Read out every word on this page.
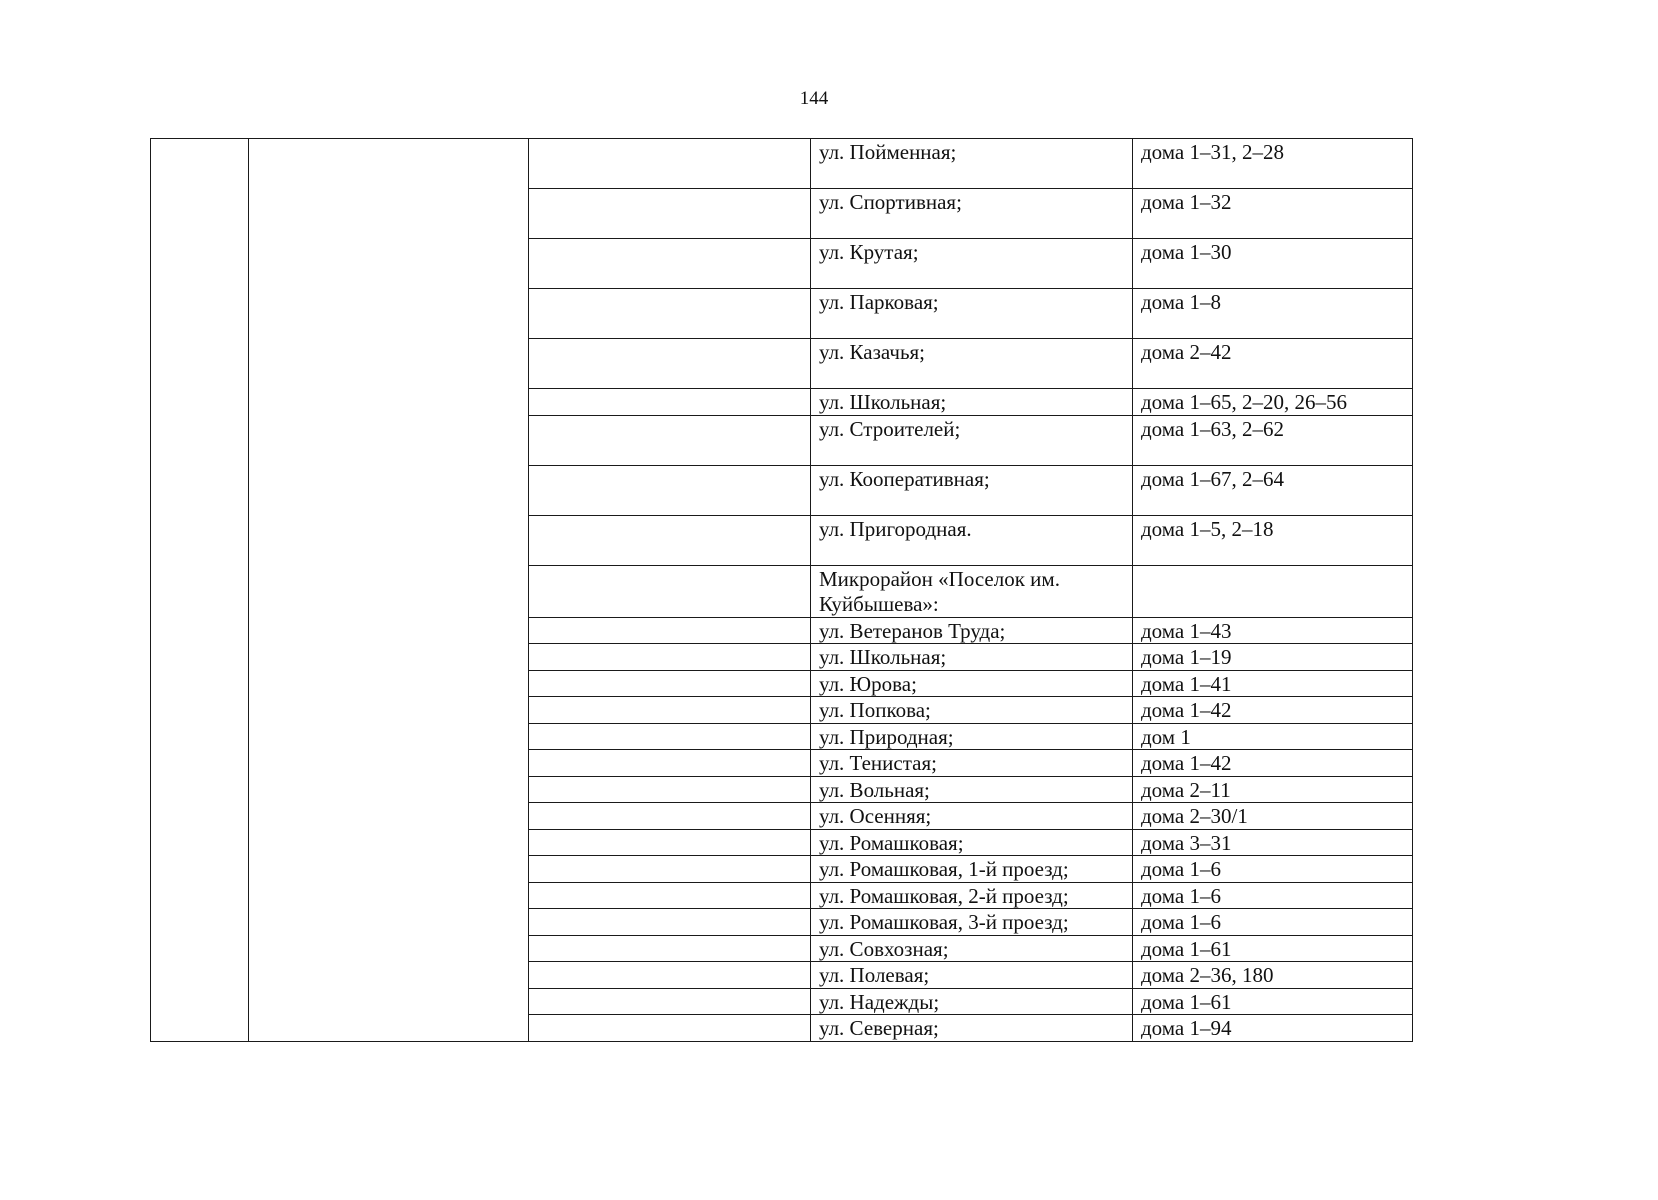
144
			ул. Пойменная;	дома 1–31, 2–28
			ул. Спортивная;	дома 1–32
			ул. Крутая;	дома 1–30
			ул. Парковая;	дома 1–8
			ул. Казачья;	дома 2–42
			ул. Школьная;	дома 1–65, 2–20, 26–56
			ул. Строителей;	дома 1–63, 2–62
			ул. Кооперативная;	дома 1–67, 2–64
			ул. Пригородная.	дома 1–5, 2–18
			Микрорайон «Поселок им. Куйбышева»:	
			ул. Ветеранов Труда;	дома 1–43
			ул. Школьная;	дома 1–19
			ул. Юрова;	дома 1–41
			ул. Попкова;	дома 1–42
			ул. Природная;	дом 1
			ул. Тенистая;	дома 1–42
			ул. Вольная;	дома 2–11
			ул. Осенняя;	дома 2–30/1
			ул. Ромашковая;	дома 3–31
			ул. Ромашковая, 1-й проезд;	дома 1–6
			ул. Ромашковая, 2-й проезд;	дома 1–6
			ул. Ромашковая, 3-й проезд;	дома 1–6
			ул. Совхозная;	дома 1–61
			ул. Полевая;	дома 2–36, 180
			ул. Надежды;	дома 1–61
			ул. Северная;	дома 1–94
